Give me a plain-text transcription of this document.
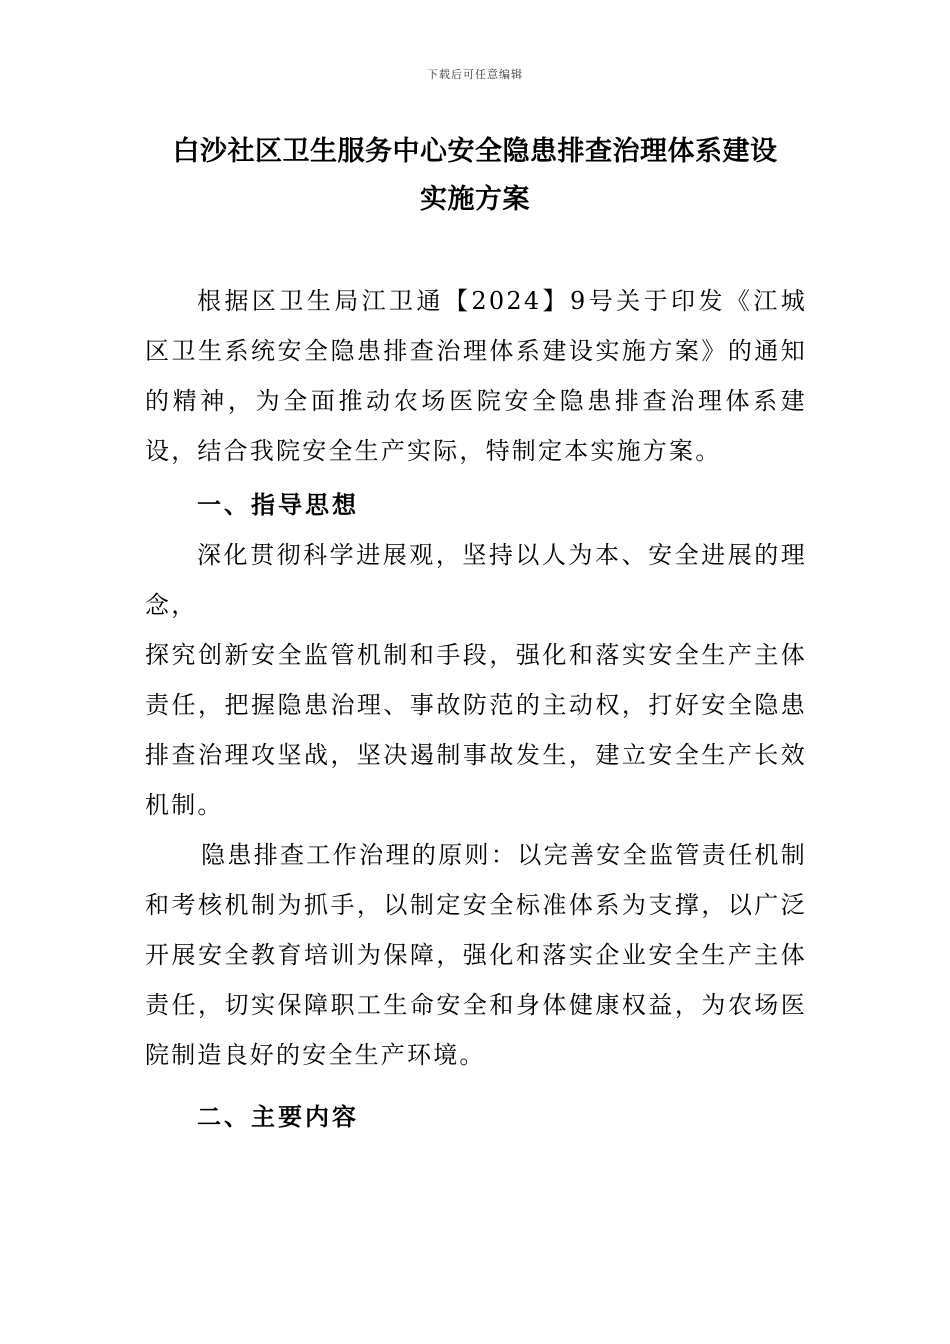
下载后可任意编辑
白沙社区卫生服务中心安全隐患排查治理体系建设
实施方案

根据区卫生局江卫通【2024】9号关于印发《江城区卫生系统安全隐患排查治理体系建设实施方案》的通知的精神，为全面推动农场医院安全隐患排查治理体系建设，结合我院安全生产实际，特制定本实施方案。

一、指导思想

深化贯彻科学进展观，坚持以人为本、安全进展的理念，

探究创新安全监管机制和手段，强化和落实安全生产主体责任，把握隐患治理、事故防范的主动权，打好安全隐患排查治理攻坚战，坚决遏制事故发生，建立安全生产长效机制。

隐患排查工作治理的原则：以完善安全监管责任机制和考核机制为抓手，以制定安全标准体系为支撑，以广泛开展安全教育培训为保障，强化和落实企业安全生产主体责任，切实保障职工生命安全和身体健康权益，为农场医院制造良好的安全生产环境。

二、主要内容
